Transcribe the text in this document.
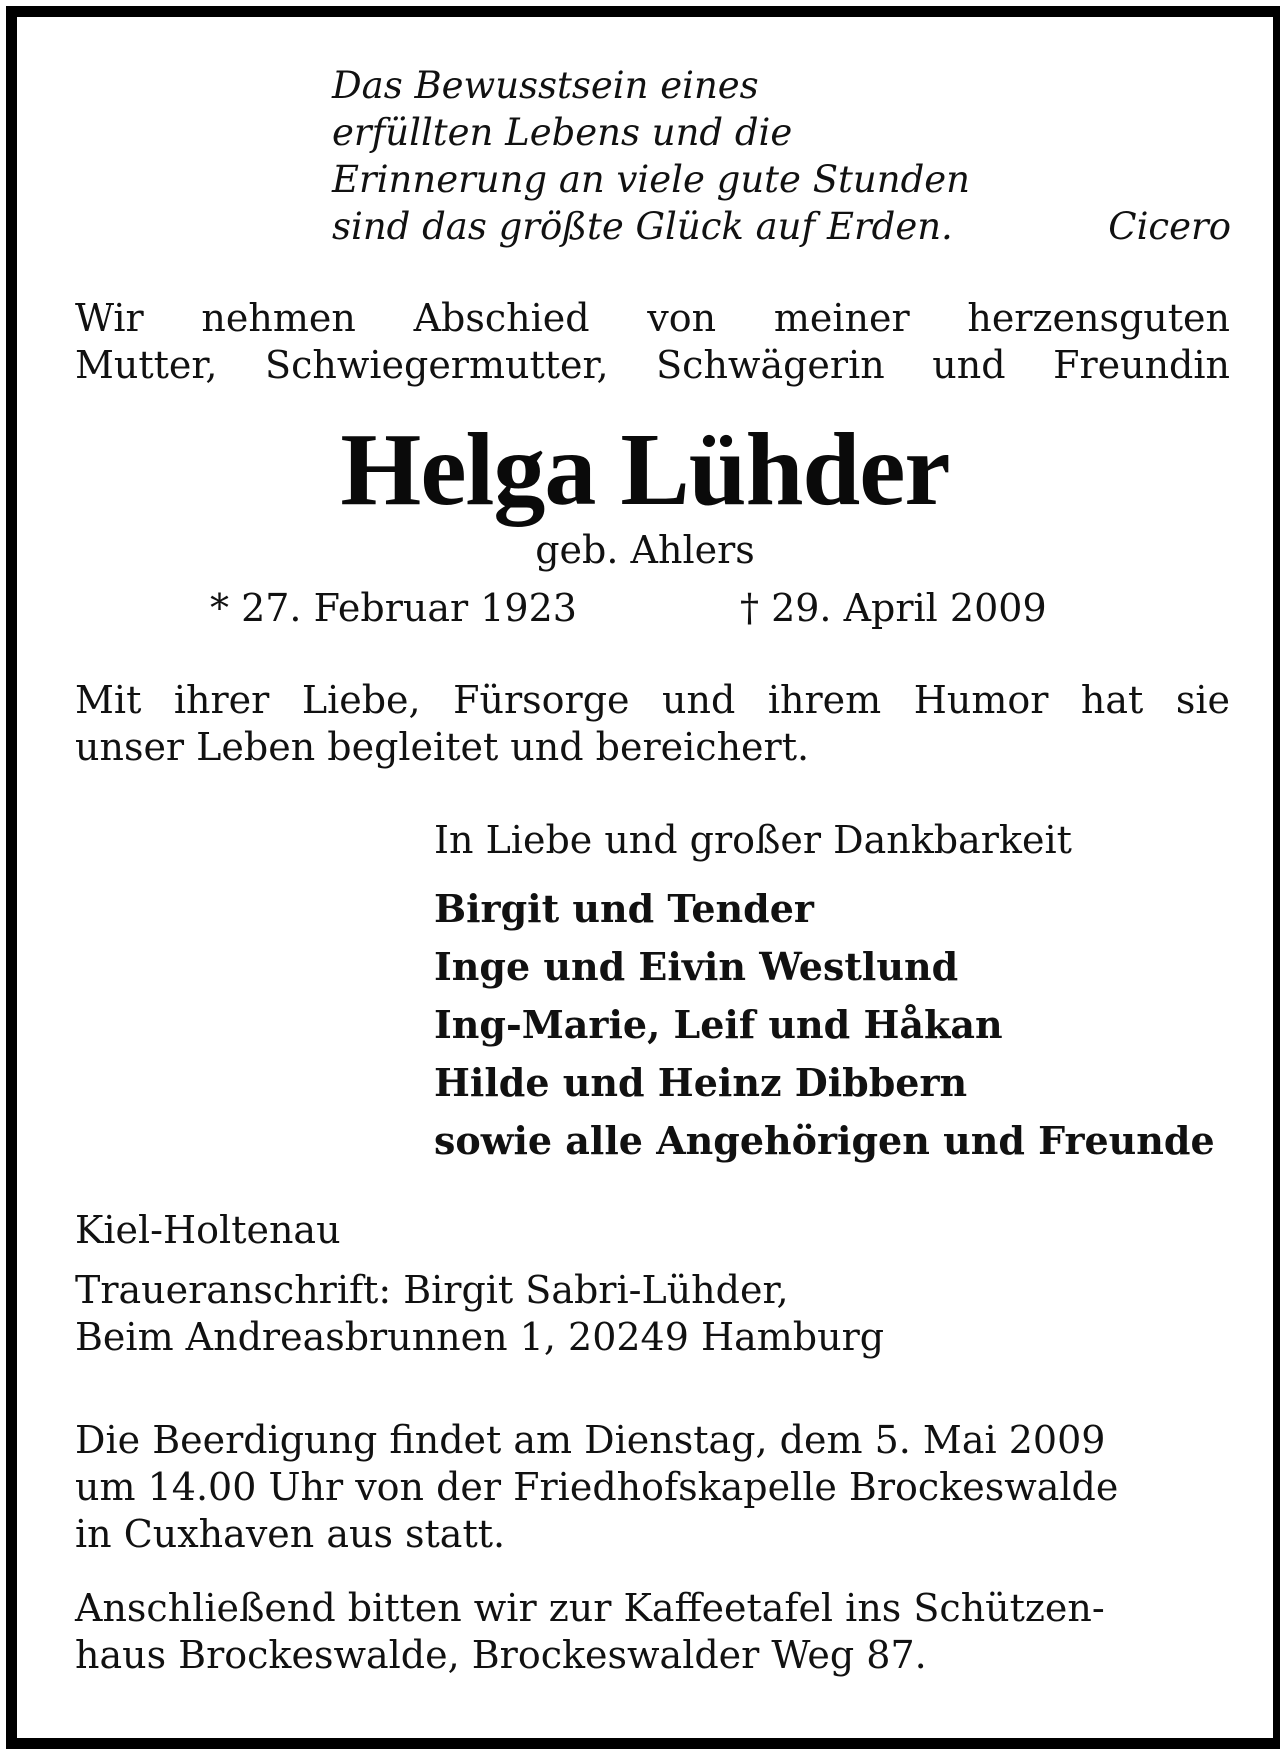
Das Bewusstsein eines
erfüllten Lebens und die
Erinnerung an viele gute Stunden
sind das größte Glück auf Erden.	Cicero
Wir nehmen Abschied von meiner herzensguten
Mutter, Schwiegermutter, Schwägerin und Freundin
Helga Lühder
geb. Ahlers
* 27. Februar 1923	† 29. April 2009
Mit ihrer Liebe, Fürsorge und ihrem Humor hat sie
unser Leben begleitet und bereichert.
In Liebe und großer Dankbarkeit
Birgit und Tender
Inge und Eivin Westlund
Ing-Marie, Leif und Håkan
Hilde und Heinz Dibbern
sowie alle Angehörigen und Freunde
Kiel-Holtenau
Traueranschrift: Birgit Sabri-Lühder,
Beim Andreasbrunnen 1, 20249 Hamburg
Die Beerdigung findet am Dienstag, dem 5. Mai 2009
um 14.00 Uhr von der Friedhofskapelle Brockeswalde
in Cuxhaven aus statt.
Anschließend bitten wir zur Kaffeetafel ins Schützen-
haus Brockeswalde, Brockeswalder Weg 87.
